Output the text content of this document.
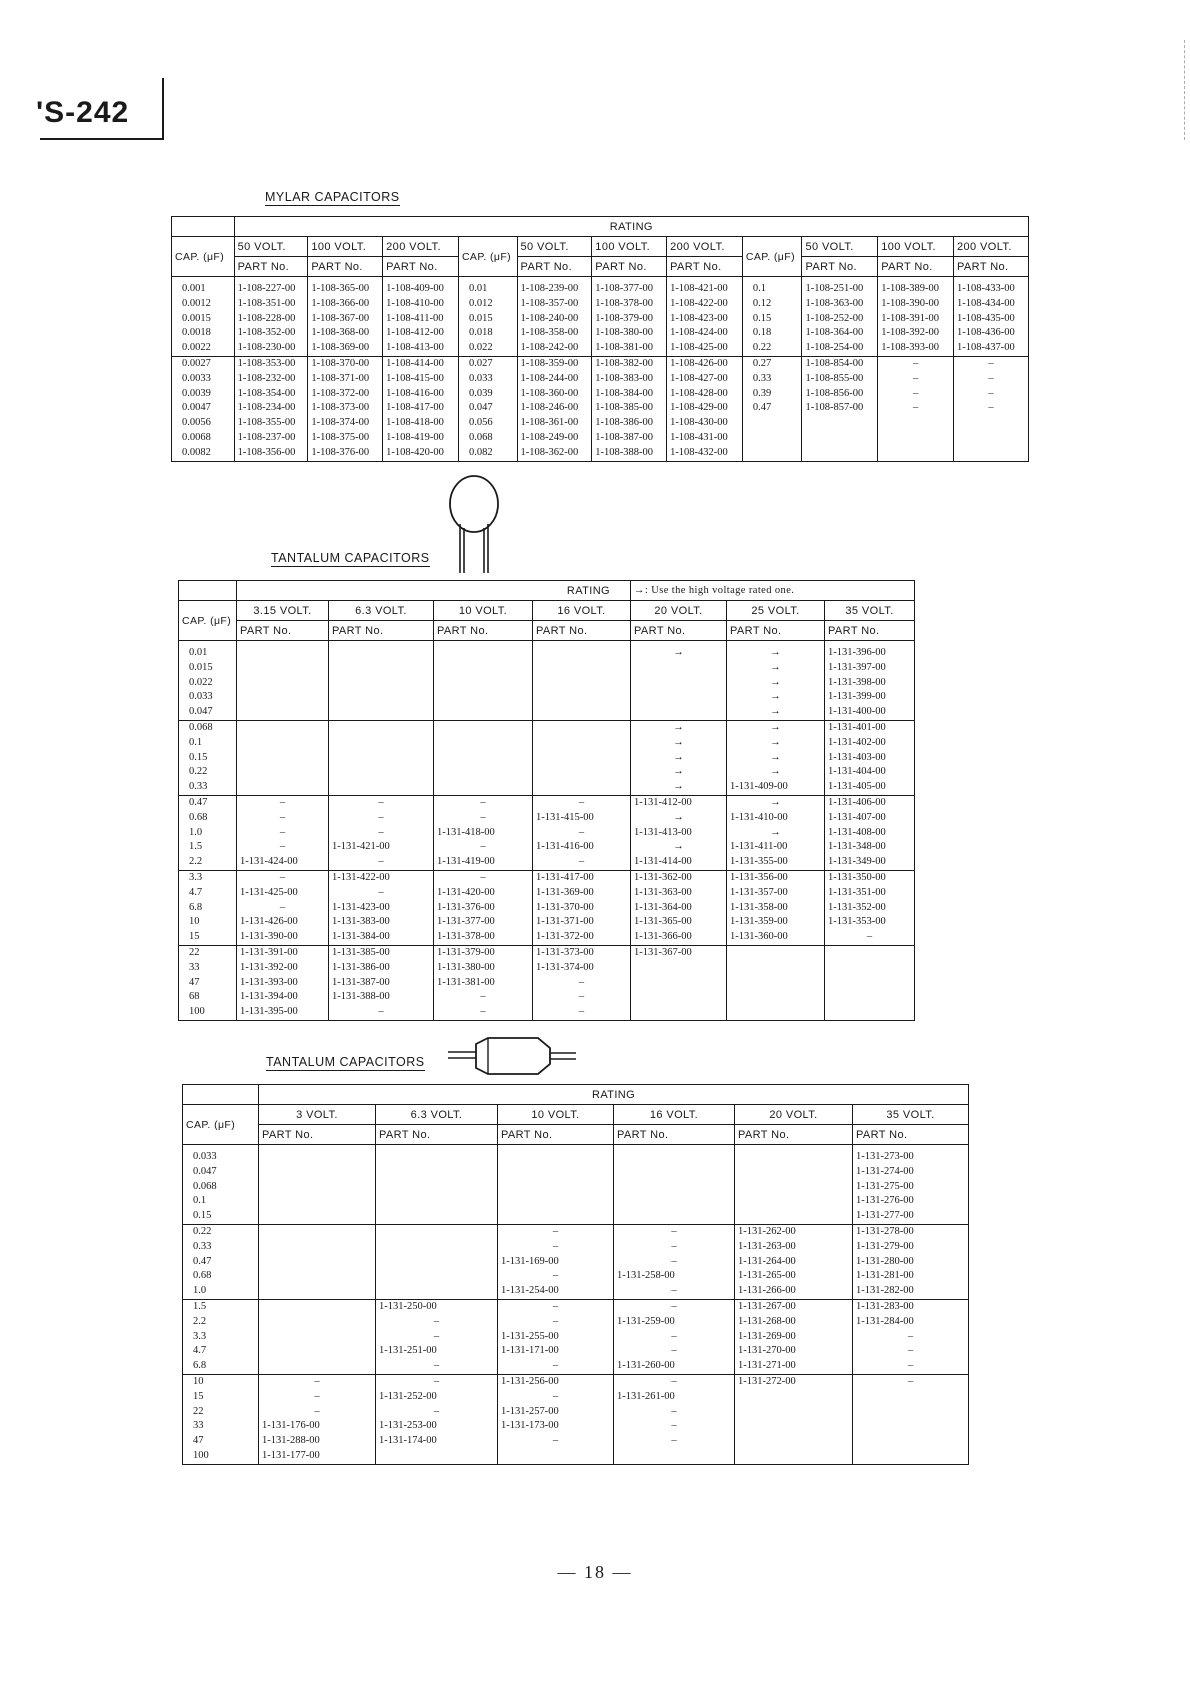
'S-242
MYLAR CAPACITORS
	RATING										
CAP. (μF)	50 VOLT.	100 VOLT.	200 VOLT.	CAP. (μF)	50 VOLT.	100 VOLT.	200 VOLT.	CAP. (μF)	50 VOLT.	100 VOLT.	200 VOLT.
	PART No.	PART No.	PART No.		PART No.	PART No.	PART No.		PART No.	PART No.	PART No.
0.001	1-108-227-00	1-108-365-00	1-108-409-00	0.01	1-108-239-00	1-108-377-00	1-108-421-00	0.1	1-108-251-00	1-108-389-00	1-108-433-00
0.0012	1-108-351-00	1-108-366-00	1-108-410-00	0.012	1-108-357-00	1-108-378-00	1-108-422-00	0.12	1-108-363-00	1-108-390-00	1-108-434-00
0.0015	1-108-228-00	1-108-367-00	1-108-411-00	0.015	1-108-240-00	1-108-379-00	1-108-423-00	0.15	1-108-252-00	1-108-391-00	1-108-435-00
0.0018	1-108-352-00	1-108-368-00	1-108-412-00	0.018	1-108-358-00	1-108-380-00	1-108-424-00	0.18	1-108-364-00	1-108-392-00	1-108-436-00
0.0022	1-108-230-00	1-108-369-00	1-108-413-00	0.022	1-108-242-00	1-108-381-00	1-108-425-00	0.22	1-108-254-00	1-108-393-00	1-108-437-00
0.0027	1-108-353-00	1-108-370-00	1-108-414-00	0.027	1-108-359-00	1-108-382-00	1-108-426-00	0.27	1-108-854-00	–	–
0.0033	1-108-232-00	1-108-371-00	1-108-415-00	0.033	1-108-244-00	1-108-383-00	1-108-427-00	0.33	1-108-855-00	–	–
0.0039	1-108-354-00	1-108-372-00	1-108-416-00	0.039	1-108-360-00	1-108-384-00	1-108-428-00	0.39	1-108-856-00	–	–
0.0047	1-108-234-00	1-108-373-00	1-108-417-00	0.047	1-108-246-00	1-108-385-00	1-108-429-00	0.47	1-108-857-00	–	–
0.0056	1-108-355-00	1-108-374-00	1-108-418-00	0.056	1-108-361-00	1-108-386-00	1-108-430-00				
0.0068	1-108-237-00	1-108-375-00	1-108-419-00	0.068	1-108-249-00	1-108-387-00	1-108-431-00				
0.0082	1-108-356-00	1-108-376-00	1-108-420-00	0.082	1-108-362-00	1-108-388-00	1-108-432-00				
TANTALUM CAPACITORS
	RATING				→: Use the high voltage rated one.		
CAP. (μF)	3.15 VOLT.	6.3 VOLT.	10 VOLT.	16 VOLT.	20 VOLT.	25 VOLT.	35 VOLT.
	PART No.	PART No.	PART No.	PART No.	PART No.	PART No.	PART No.
0.01					→	→	1-131-396-00
0.015						→	1-131-397-00
0.022						→	1-131-398-00
0.033						→	1-131-399-00
0.047						→	1-131-400-00
0.068					→	→	1-131-401-00
0.1					→	→	1-131-402-00
0.15					→	→	1-131-403-00
0.22					→	→	1-131-404-00
0.33					→	1-131-409-00	1-131-405-00
0.47	–	–	–	–	1-131-412-00	→	1-131-406-00
0.68	–	–	–	1-131-415-00	→	1-131-410-00	1-131-407-00
1.0	–	–	1-131-418-00	–	1-131-413-00	→	1-131-408-00
1.5	–	1-131-421-00	–	1-131-416-00	→	1-131-411-00	1-131-348-00
2.2	1-131-424-00	–	1-131-419-00	–	1-131-414-00	1-131-355-00	1-131-349-00
3.3	–	1-131-422-00	–	1-131-417-00	1-131-362-00	1-131-356-00	1-131-350-00
4.7	1-131-425-00	–	1-131-420-00	1-131-369-00	1-131-363-00	1-131-357-00	1-131-351-00
6.8	–	1-131-423-00	1-131-376-00	1-131-370-00	1-131-364-00	1-131-358-00	1-131-352-00
10	1-131-426-00	1-131-383-00	1-131-377-00	1-131-371-00	1-131-365-00	1-131-359-00	1-131-353-00
15	1-131-390-00	1-131-384-00	1-131-378-00	1-131-372-00	1-131-366-00	1-131-360-00	–
22	1-131-391-00	1-131-385-00	1-131-379-00	1-131-373-00	1-131-367-00		
33	1-131-392-00	1-131-386-00	1-131-380-00	1-131-374-00			
47	1-131-393-00	1-131-387-00	1-131-381-00	–			
68	1-131-394-00	1-131-388-00	–	–			
100	1-131-395-00	–	–	–			
TANTALUM CAPACITORS
	RATING					
CAP. (μF)	3 VOLT.	6.3 VOLT.	10 VOLT.	16 VOLT.	20 VOLT.	35 VOLT.
	PART No.	PART No.	PART No.	PART No.	PART No.	PART No.
0.033						1-131-273-00
0.047						1-131-274-00
0.068						1-131-275-00
0.1						1-131-276-00
0.15						1-131-277-00
0.22			–	–	1-131-262-00	1-131-278-00
0.33			–	–	1-131-263-00	1-131-279-00
0.47			1-131-169-00	–	1-131-264-00	1-131-280-00
0.68			–	1-131-258-00	1-131-265-00	1-131-281-00
1.0			1-131-254-00	–	1-131-266-00	1-131-282-00
1.5		1-131-250-00	–	–	1-131-267-00	1-131-283-00
2.2		–	–	1-131-259-00	1-131-268-00	1-131-284-00
3.3		–	1-131-255-00	–	1-131-269-00	–
4.7		1-131-251-00	1-131-171-00	–	1-131-270-00	–
6.8		–	–	1-131-260-00	1-131-271-00	–
10	–	–	1-131-256-00	–	1-131-272-00	–
15	–	1-131-252-00	–	1-131-261-00		
22	–	–	1-131-257-00	–		
33	1-131-176-00	1-131-253-00	1-131-173-00	–		
47	1-131-288-00	1-131-174-00	–	–		
100	1-131-177-00					
— 18 —
